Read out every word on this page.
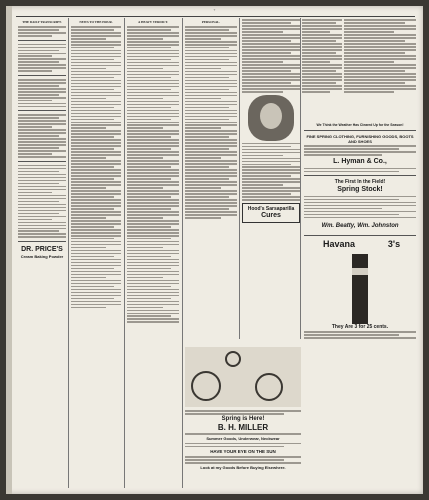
7
THE DAILY TRANSCRIPT.
DR. PRICE'S
Cream Baking Powder
NEWS TO THE HOUR.	A HEAVY VERDICT.	PERSONAL.
Hood's Sarsaparilla
Cures
We Think the Weather Has Cleared Up for the Season!
FINE SPRING CLOTHING, FURNISHING GOODS, BOOTS AND SHOES
L. Hyman & Co.,
The First In the Field!
Spring Stock!
Wm. Beatty, Wm. Johnston
Havana	3's
They Are 3 for 25 cents.
Spring is Here!
B. H. MILLER
Summer Goods, Underwear, Neckwear
HAVE YOUR EYE ON THE SUN
Look at my Goods Before Buying Elsewhere.
